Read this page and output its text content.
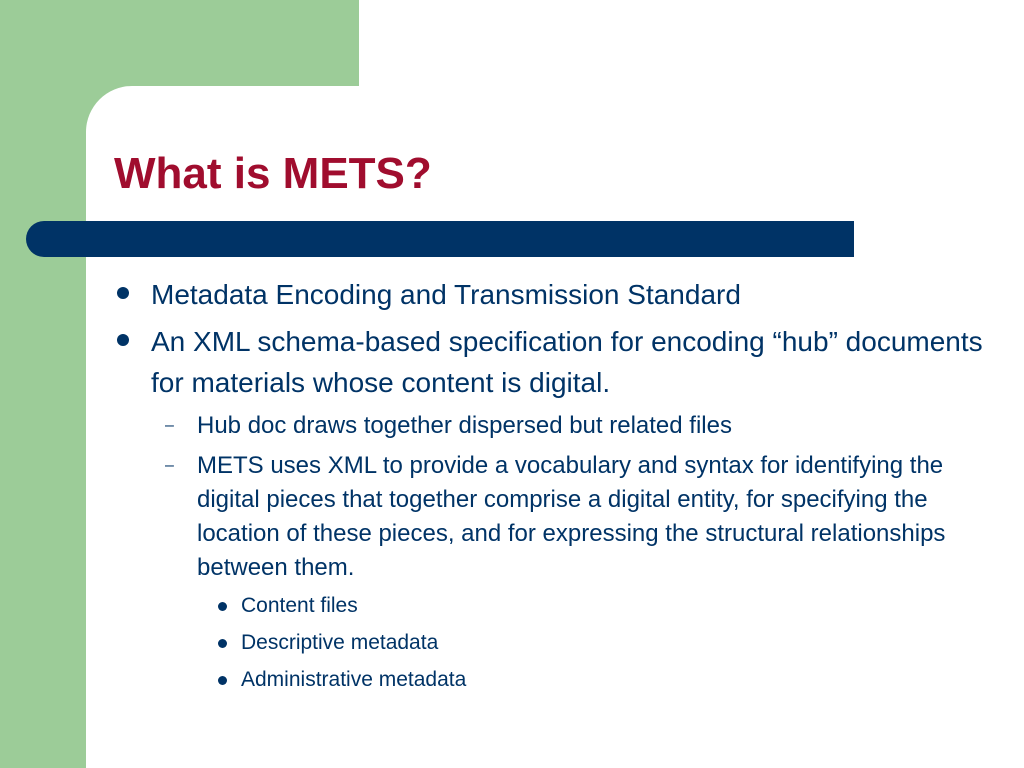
What is METS?
Metadata Encoding and Transmission Standard
An XML schema-based specification for encoding “hub” documents for materials whose content is digital.
– Hub doc draws together dispersed but related files
– METS uses XML to provide a vocabulary and syntax for identifying the digital pieces that together comprise a digital entity, for specifying the location of these pieces, and for expressing the structural relationships between them.
Content files
Descriptive metadata
Administrative metadata
